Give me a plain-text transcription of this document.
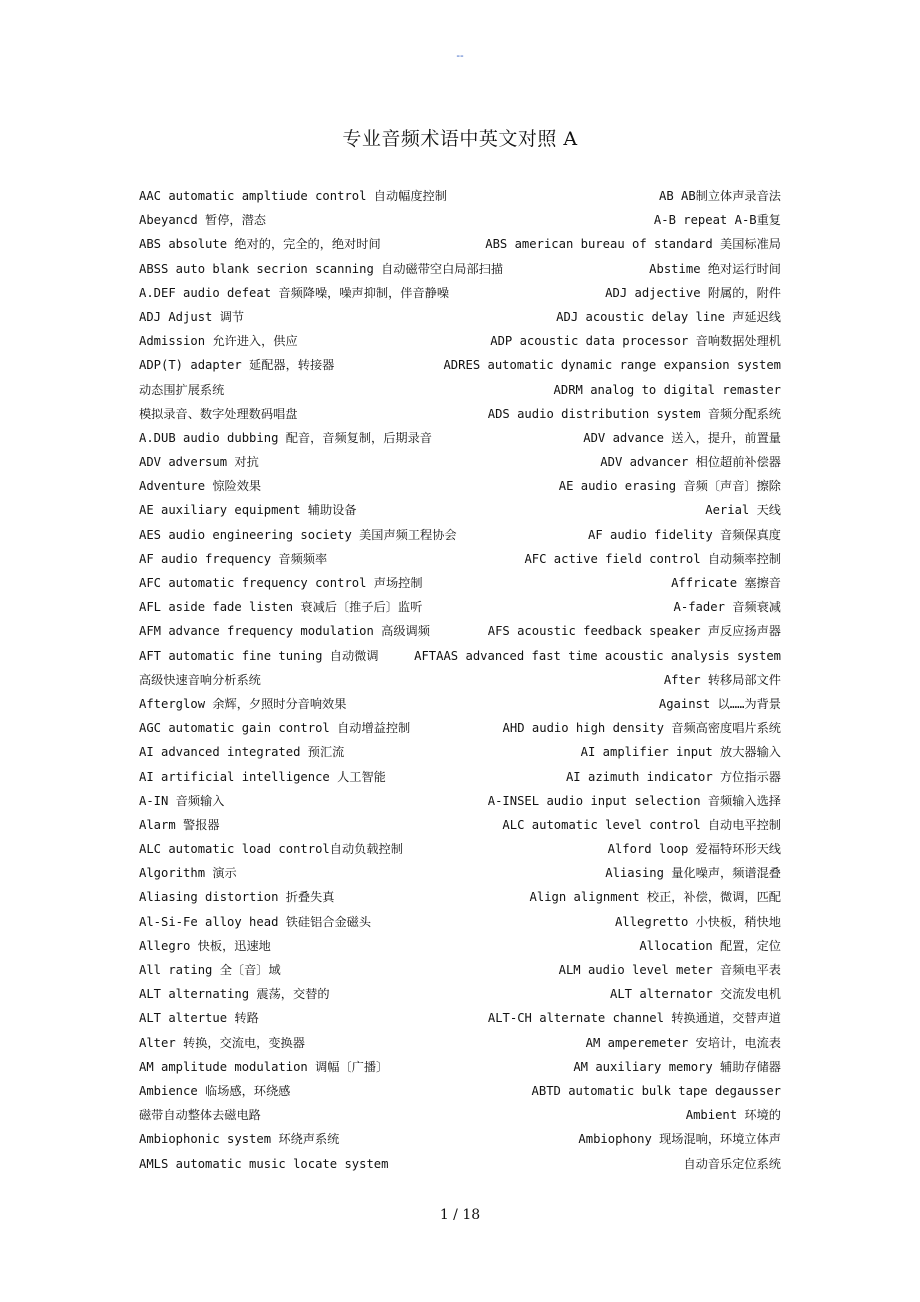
--
专业音频术语中英文对照 A
AAC automatic ampltiude control 自动幅度控制	AB AB制立体声录音法
Abeyancd 暂停，潜态	A-B repeat A-B重复
ABS absolute 绝对的，完全的，绝对时间	ABS american bureau of standard 美国标准局
ABSS auto blank secrion scanning 自动磁带空白局部扫描	Abstime 绝对运行时间
A.DEF audio defeat 音频降噪，噪声抑制，伴音静噪	ADJ adjective 附属的，附件
ADJ Adjust 调节	ADJ acoustic delay line 声延迟线
Admission 允许进入，供应	ADP acoustic data processor 音响数据处理机
ADP(T) adapter 延配器，转接器	ADRES automatic dynamic range expansion system
动态围扩展系统	ADRM analog to digital remaster
模拟录音、数字处理数码唱盘	ADS audio distribution system 音频分配系统
A.DUB audio dubbing 配音，音频复制，后期录音	ADV advance 送入，提升，前置量
ADV adversum 对抗	ADV advancer 相位超前补偿器
Adventure 惊险效果	AE audio erasing 音频〔声音〕擦除
AE auxiliary equipment 辅助设备	Aerial 天线
AES audio engineering society 美国声频工程协会	AF audio fidelity 音频保真度
AF audio frequency 音频频率	AFC active field control 自动频率控制
AFC automatic frequency control 声场控制	Affricate 塞擦音
AFL aside fade listen 衰减后〔推子后〕监听	A-fader 音频衰减
AFM advance frequency modulation 高级调频	AFS acoustic feedback speaker 声反应扬声器
AFT automatic fine tuning 自动微调	AFTAAS advanced fast time acoustic analysis system
高级快速音响分析系统	After 转移局部文件
Afterglow 余辉，夕照时分音响效果	Against 以……为背景
AGC automatic gain control 自动增益控制	AHD audio high density 音频高密度唱片系统
AI advanced integrated 预汇流	AI amplifier input 放大器输入
AI artificial intelligence 人工智能	AI azimuth indicator 方位指示器
A-IN 音频输入	A-INSEL audio input selection 音频输入选择
Alarm 警报器	ALC automatic level control 自动电平控制
ALC automatic load control自动负载控制	Alford loop 爱福特环形天线
Algorithm 演示	Aliasing 量化噪声，频谱混叠
Aliasing distortion 折叠失真	Align alignment 校正，补偿，微调，匹配
Al-Si-Fe alloy head 铁硅铝合金磁头	Allegretto 小快板，稍快地
Allegro 快板，迅速地	Allocation 配置，定位
All rating 全〔音〕域	ALM audio level meter 音频电平表
ALT alternating 震荡，交替的	ALT alternator 交流发电机
ALT altertue 转路	ALT-CH alternate channel 转换通道，交替声道
Alter 转换，交流电，变换器	AM amperemeter 安培计，电流表
AM amplitude modulation 调幅〔广播〕	AM auxiliary memory 辅助存储器
Ambience 临场感，环绕感	ABTD automatic bulk tape degausser
磁带自动整体去磁电路	Ambient 环境的
Ambiophonic system 环绕声系统	Ambiophony 现场混响，环境立体声
AMLS automatic music locate system	自动音乐定位系统
1 / 18
